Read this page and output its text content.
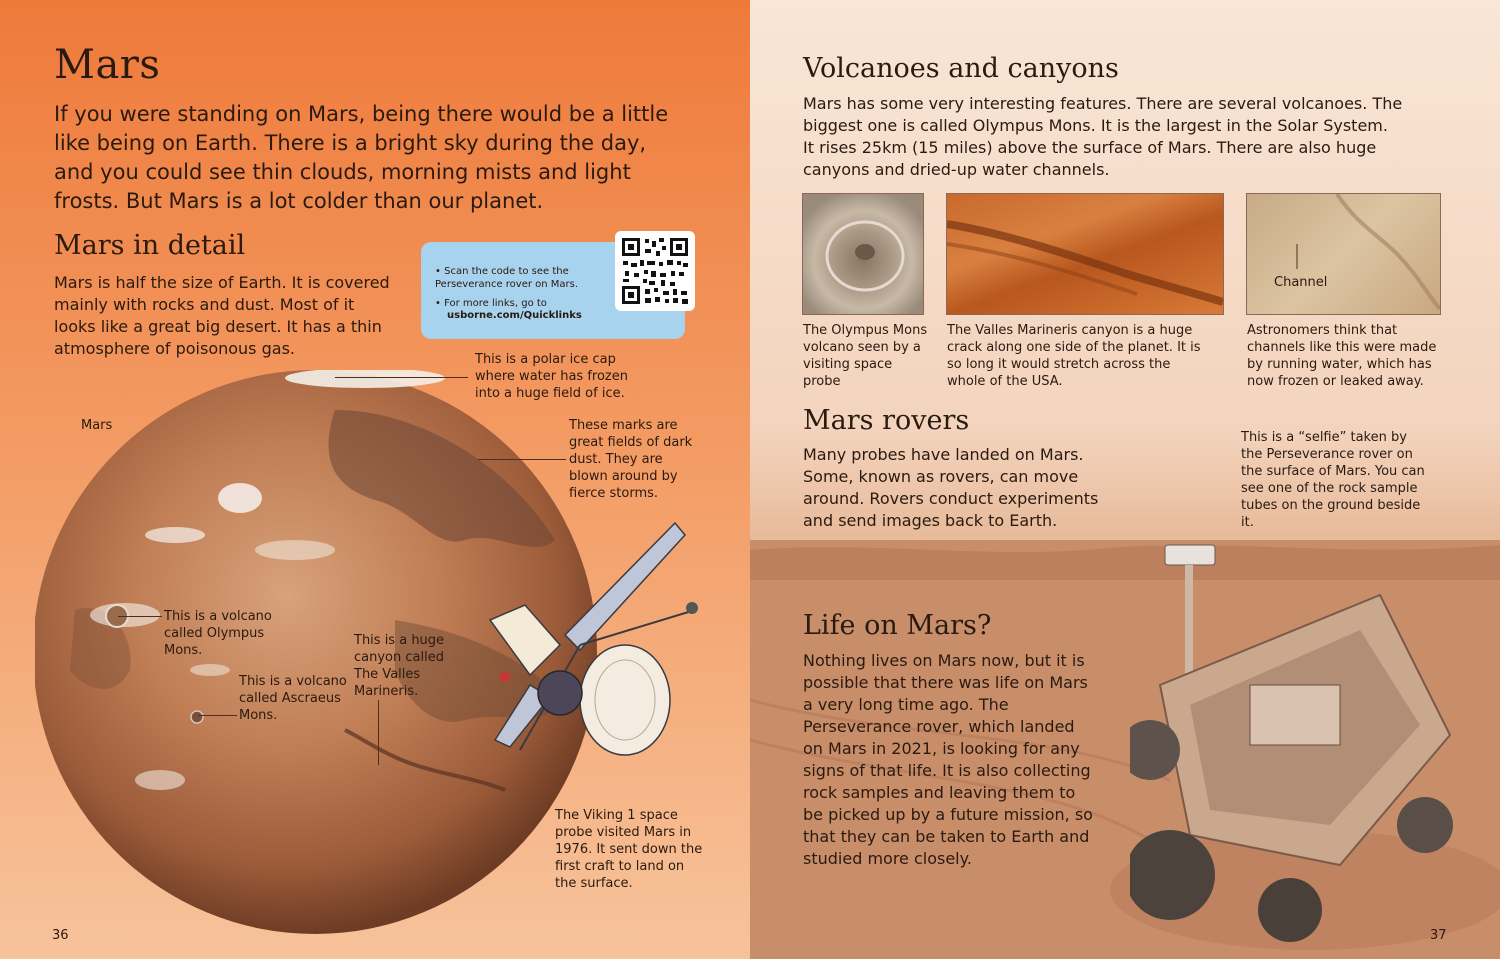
Mars

If you were standing on Mars, being there would be a little like being on Earth. There is a bright sky during the day, and you could see thin clouds, morning mists and light frosts. But Mars is a lot colder than our planet.

Mars in detail

Mars is half the size of Earth. It is covered mainly with rocks and dust. Most of it looks like a great big desert. It has a thin atmosphere of poisonous gas.

• Scan the code to see the Perseverance rover on Mars.
• For more links, go to
usborne.com/Quicklinks
Mars
This is a polar ice cap where water has frozen into a huge field of ice.
These marks are great fields of dark dust. They are blown around by fierce storms.
This is a volcano called Olympus Mons.
This is a volcano called Ascraeus Mons.
This is a huge canyon called The Valles Marineris.
The Viking 1 space probe visited Mars in 1976. It sent down the first craft to land on the surface.
36
Volcanoes and canyons

Mars has some very interesting features. There are several volcanoes. The biggest one is called Olympus Mons. It is the largest in the Solar System. It rises 25km (15 miles) above the surface of Mars. There are also huge canyons and dried-up water channels.

Channel

The Olympus Mons volcano seen by a visiting space probe

The Valles Marineris canyon is a huge crack along one side of the planet. It is so long it would stretch across the whole of the USA.

Astronomers think that channels like this were made by running water, which has now frozen or leaked away.

Mars rovers

Many probes have landed on Mars. Some, known as rovers, can move around. Rovers conduct experiments and send images back to Earth.

This is a “selfie” taken by the Perseverance rover on the surface of Mars. You can see one of the rock sample tubes on the ground beside it.

Life on Mars?

Nothing lives on Mars now, but it is possible that there was life on Mars a very long time ago. The Perseverance rover, which landed on Mars in 2021, is looking for any signs of that life. It is also collecting rock samples and leaving them to be picked up by a future mission, so that they can be taken to Earth and studied more closely.

37
